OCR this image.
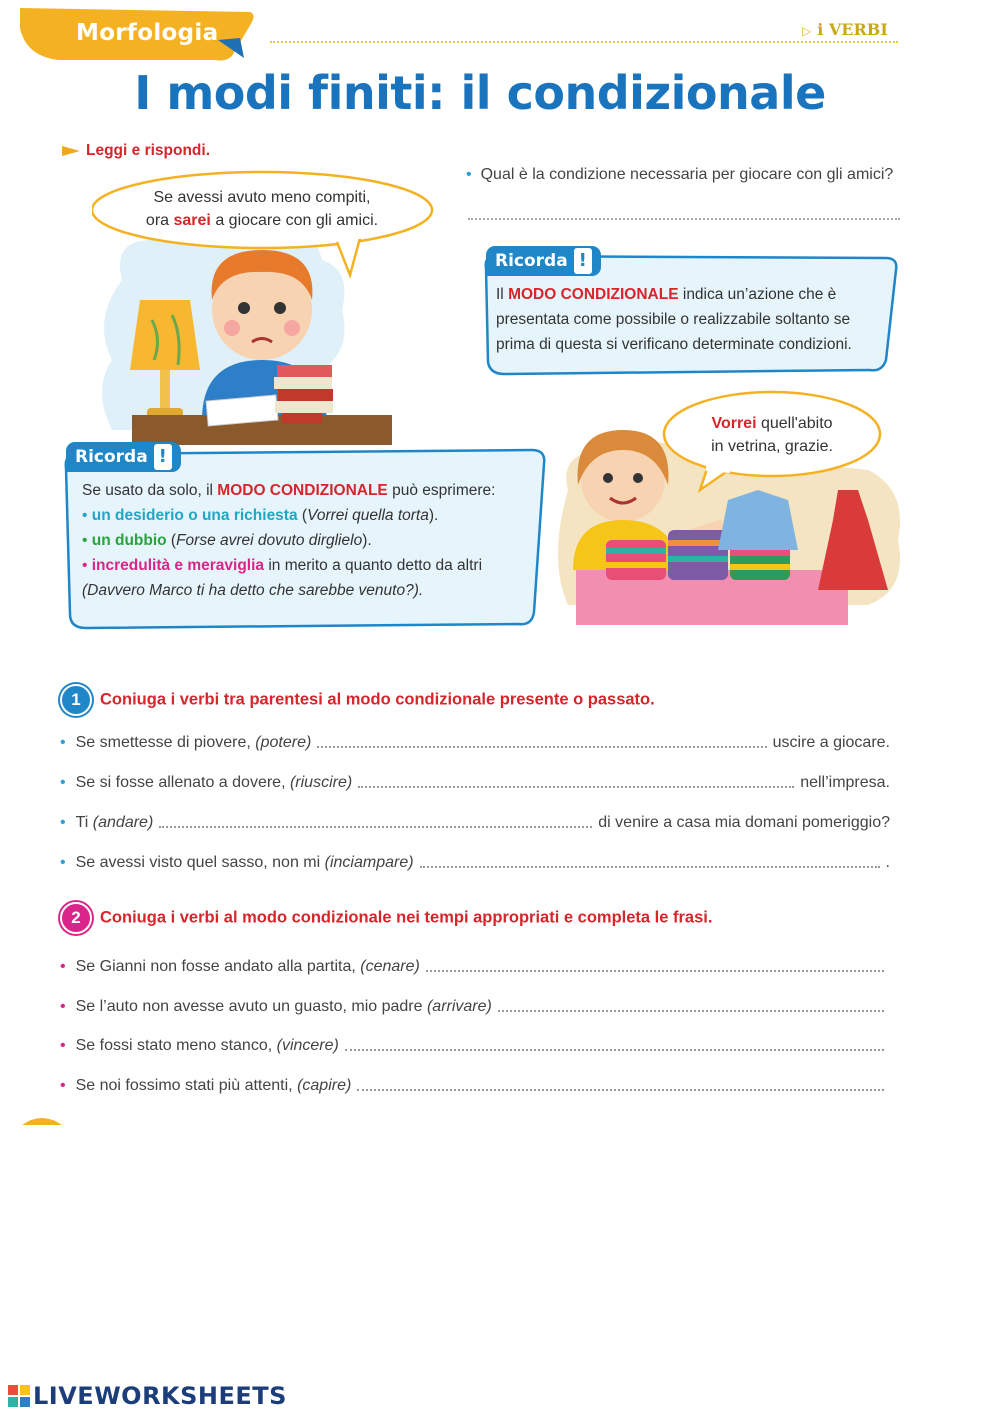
Morfologia	▷ i VERBI
I modi finiti: il condizionale
Leggi e rispondi.
• Qual è la condizione necessaria per giocare con gli amici?
Se avessi avuto meno compiti,
ora sarei a giocare con gli amici.
Ricorda !
Il MODO CONDIZIONALE indica un’azione che è
presentata come possibile o realizzabile soltanto se
prima di questa si verificano determinate condizioni.
Vorrei quell'abito
in vetrina, grazie.
Ricorda !
Se usato da solo, il MODO CONDIZIONALE può esprimere:
• un desiderio o una richiesta (Vorrei quella torta).
• un dubbio (Forse avrei dovuto dirglielo).
• incredulità e meraviglia in merito a quanto detto da altri
(Davvero Marco ti ha detto che sarebbe venuto?).
1 Coniuga i verbi tra parentesi al modo condizionale presente o passato.
• Se smettesse di piovere,
(potere)	uscire a giocare.
• Se si fosse allenato a dovere,
(riuscire)	nell’impresa.
• Ti
(andare)	di venire a casa mia domani pomeriggio?
• Se avessi visto quel sasso, non mi
(inciampare)	.
2 Coniuga i verbi al modo condizionale nei tempi appropriati e completa le frasi.
• Se Gianni non fosse andato alla partita,
(cenare)
• Se l’auto non avesse avuto un guasto, mio padre
(arrivare)
• Se fossi stato meno stanco,
(vincere)
• Se noi fossimo stati più attenti,
(capire)
LIVEWORKSHEETS
